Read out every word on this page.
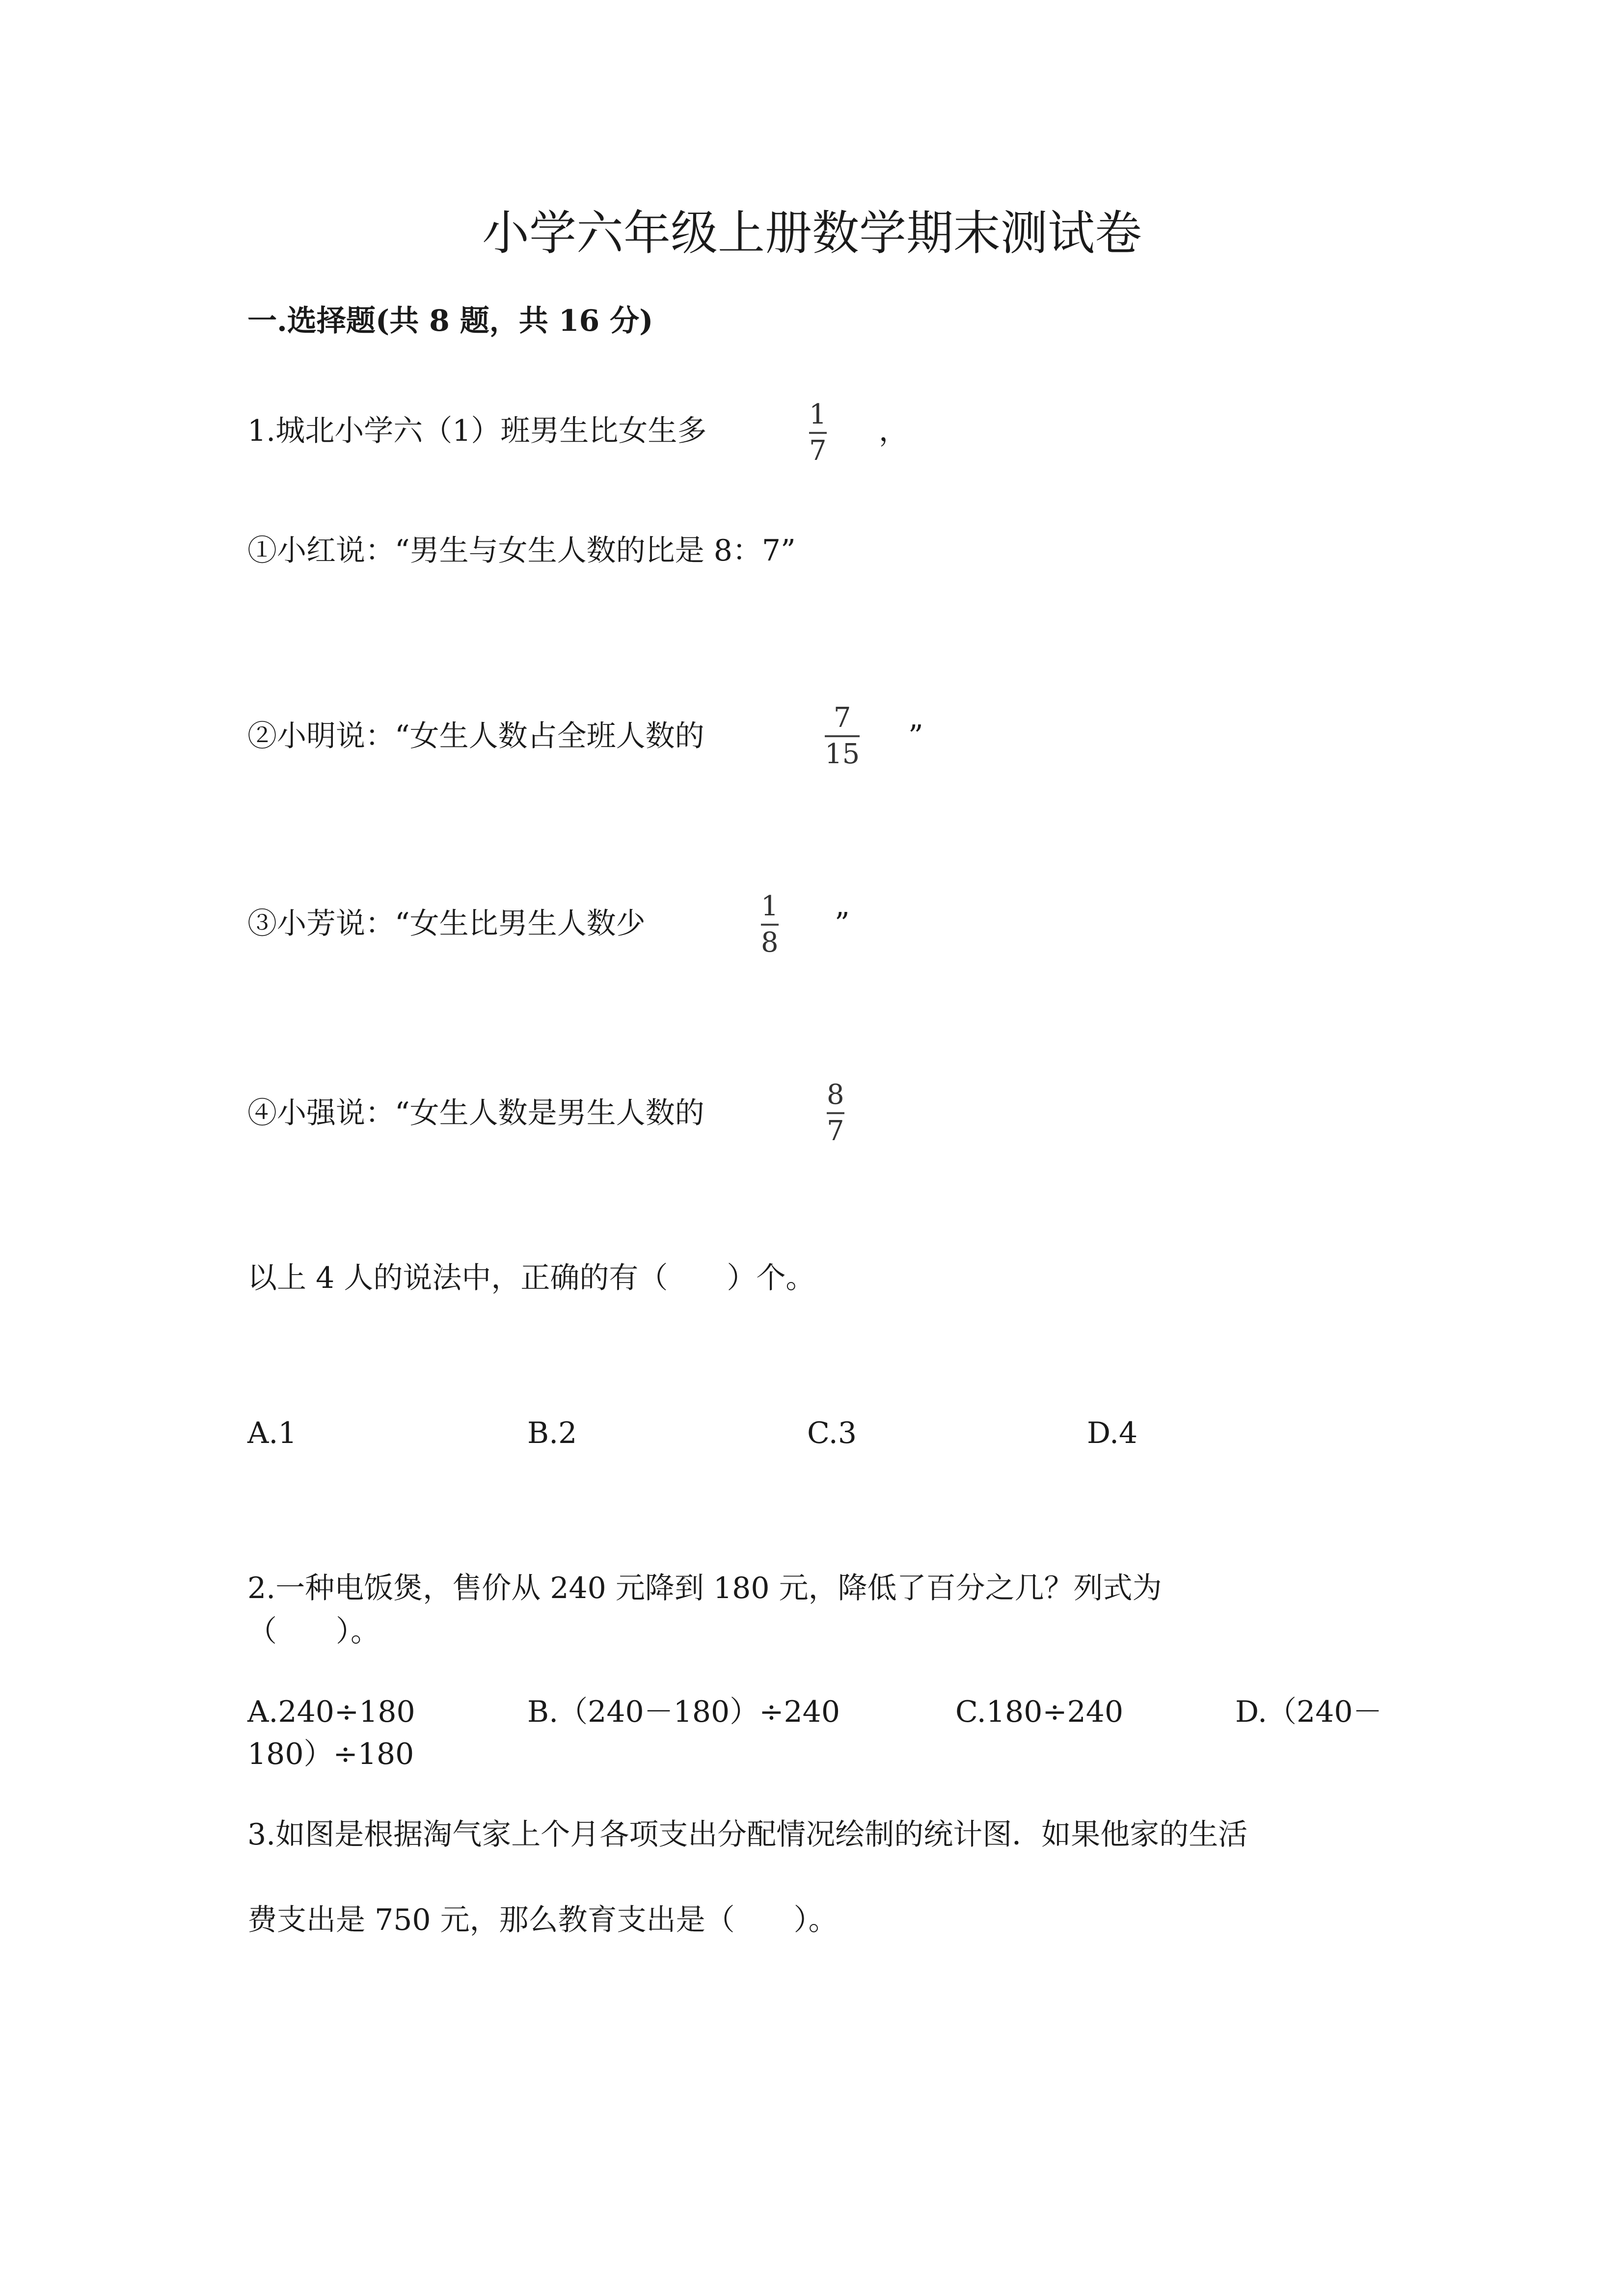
小学六年级上册数学期末测试卷
一.选择题(共 8 题，共 16 分)
1.城北小学六（1）班男生比女生多	1
7
，
①小红说：“男生与女生人数的比是 8：7”
②小明说：“女生人数占全班人数的
7
15
”
③小芳说：“女生比男生人数少
1
8
”
④小强说：“女生人数是男生人数的
8
7
以上 4 人的说法中，正确的有（　　）个。
A.1	B.2	C.3	D.4
2.一种电饭煲，售价从 240 元降到 180 元，降低了百分之几？列式为
（　　）。
A.240÷180	B.（240－180）÷240	C.180÷240	D.（240－
180）÷180
3.如图是根据淘气家上个月各项支出分配情况绘制的统计图．如果他家的生活
费支出是 750 元，那么教育支出是（　　）。
